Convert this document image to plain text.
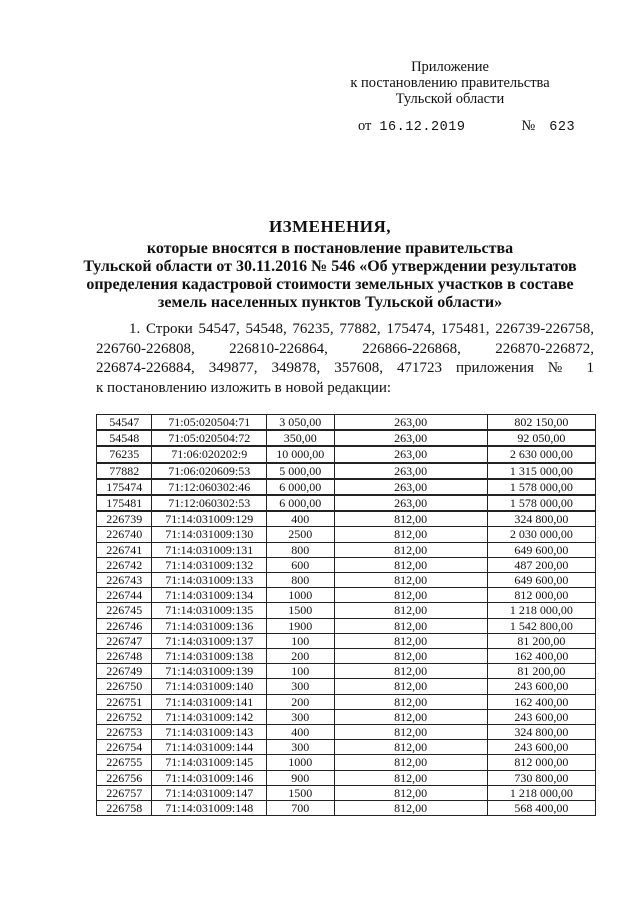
Приложение
к постановлению правительства
Тульской области
от 16.12.2019	№ 623
ИЗМЕНЕНИЯ,
которые вносятся в постановление правительства
Тульской области от 30.11.2016 № 546 «Об утверждении результатов
определения кадастровой стоимости земельных участков в составе
земель населенных пунктов Тульской области»
1. Строки 54547, 54548, 76235, 77882, 175474, 175481, 226739-226758,
226760-226808, 226810-226864, 226866-226868, 226870-226872,
226874-226884, 349877, 349878, 357608, 471723 приложения № 1
к постановлению изложить в новой редакции:
54547	71:05:020504:71	3 050,00	263,00	802 150,00
54548	71:05:020504:72	350,00	263,00	92 050,00
76235	71:06:020202:9	10 000,00	263,00	2 630 000,00
77882	71:06:020609:53	5 000,00	263,00	1 315 000,00
175474	71:12:060302:46	6 000,00	263,00	1 578 000,00
175481	71:12:060302:53	6 000,00	263,00	1 578 000,00
226739	71:14:031009:129	400	812,00	324 800,00
226740	71:14:031009:130	2500	812,00	2 030 000,00
226741	71:14:031009:131	800	812,00	649 600,00
226742	71:14:031009:132	600	812,00	487 200,00
226743	71:14:031009:133	800	812,00	649 600,00
226744	71:14:031009:134	1000	812,00	812 000,00
226745	71:14:031009:135	1500	812,00	1 218 000,00
226746	71:14:031009:136	1900	812,00	1 542 800,00
226747	71:14:031009:137	100	812,00	81 200,00
226748	71:14:031009:138	200	812,00	162 400,00
226749	71:14:031009:139	100	812,00	81 200,00
226750	71:14:031009:140	300	812,00	243 600,00
226751	71:14:031009:141	200	812,00	162 400,00
226752	71:14:031009:142	300	812,00	243 600,00
226753	71:14:031009:143	400	812,00	324 800,00
226754	71:14:031009:144	300	812,00	243 600,00
226755	71:14:031009:145	1000	812,00	812 000,00
226756	71:14:031009:146	900	812,00	730 800,00
226757	71:14:031009:147	1500	812,00	1 218 000,00
226758	71:14:031009:148	700	812,00	568 400,00
